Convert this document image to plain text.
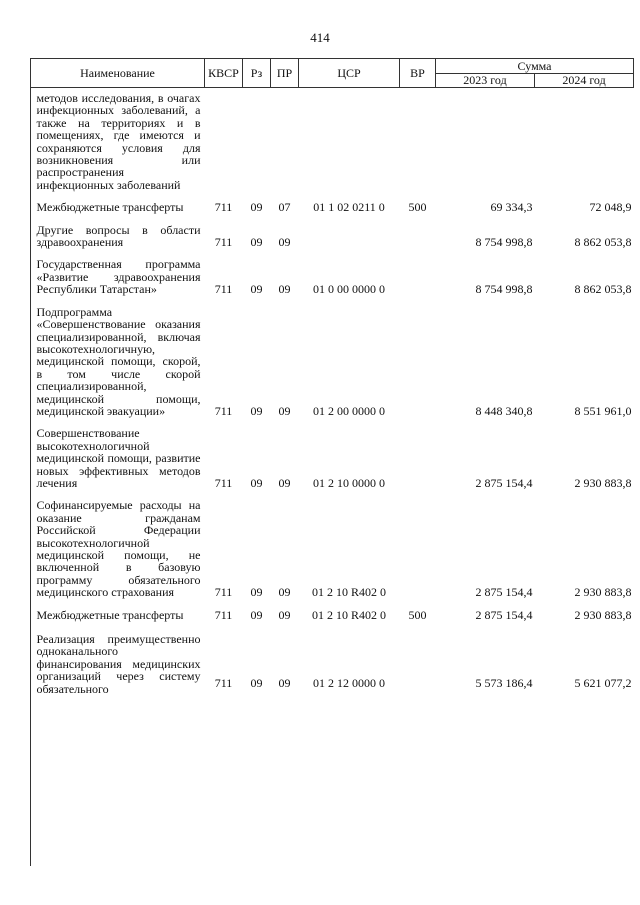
414
Наименование	КВСР	Рз	ПР	ЦСР	ВР	Сумма	
						2023 год	2024 год
методов исследования, в очагах инфекционных заболеваний, а также на территориях и в помещениях, где имеются и сохраняются условия для возникновения или распространения инфекционных заболеваний							
Межбюджетные трансферты	711	09	07	01 1 02 0211 0	500	69 334,3	72 048,9
Другие вопросы в области здравоохранения	711	09	09			8 754 998,8	8 862 053,8
Государственная программа «Развитие здравоохранения Республики Татарстан»	711	09	09	01 0 00 0000 0		8 754 998,8	8 862 053,8
Подпрограмма «Совершенствование оказания специализированной, включая высокотехнологичную, медицинской помощи, скорой, в том числе скорой специализированной, медицинской помощи, медицинской эвакуации»	711	09	09	01 2 00 0000 0		8 448 340,8	8 551 961,0
Совершенствование высокотехнологичной медицинской помощи, развитие новых эффективных методов лечения	711	09	09	01 2 10 0000 0		2 875 154,4	2 930 883,8
Софинансируемые расходы на оказание гражданам Российской Федерации высокотехнологичной медицинской помощи, не включенной в базовую программу обязательного медицинского страхования	711	09	09	01 2 10 R402 0		2 875 154,4	2 930 883,8
Межбюджетные трансферты	711	09	09	01 2 10 R402 0	500	2 875 154,4	2 930 883,8
Реализация преимущественно одноканального финансирования медицинских организаций через систему обязательного	711	09	09	01 2 12 0000 0		5 573 186,4	5 621 077,2
